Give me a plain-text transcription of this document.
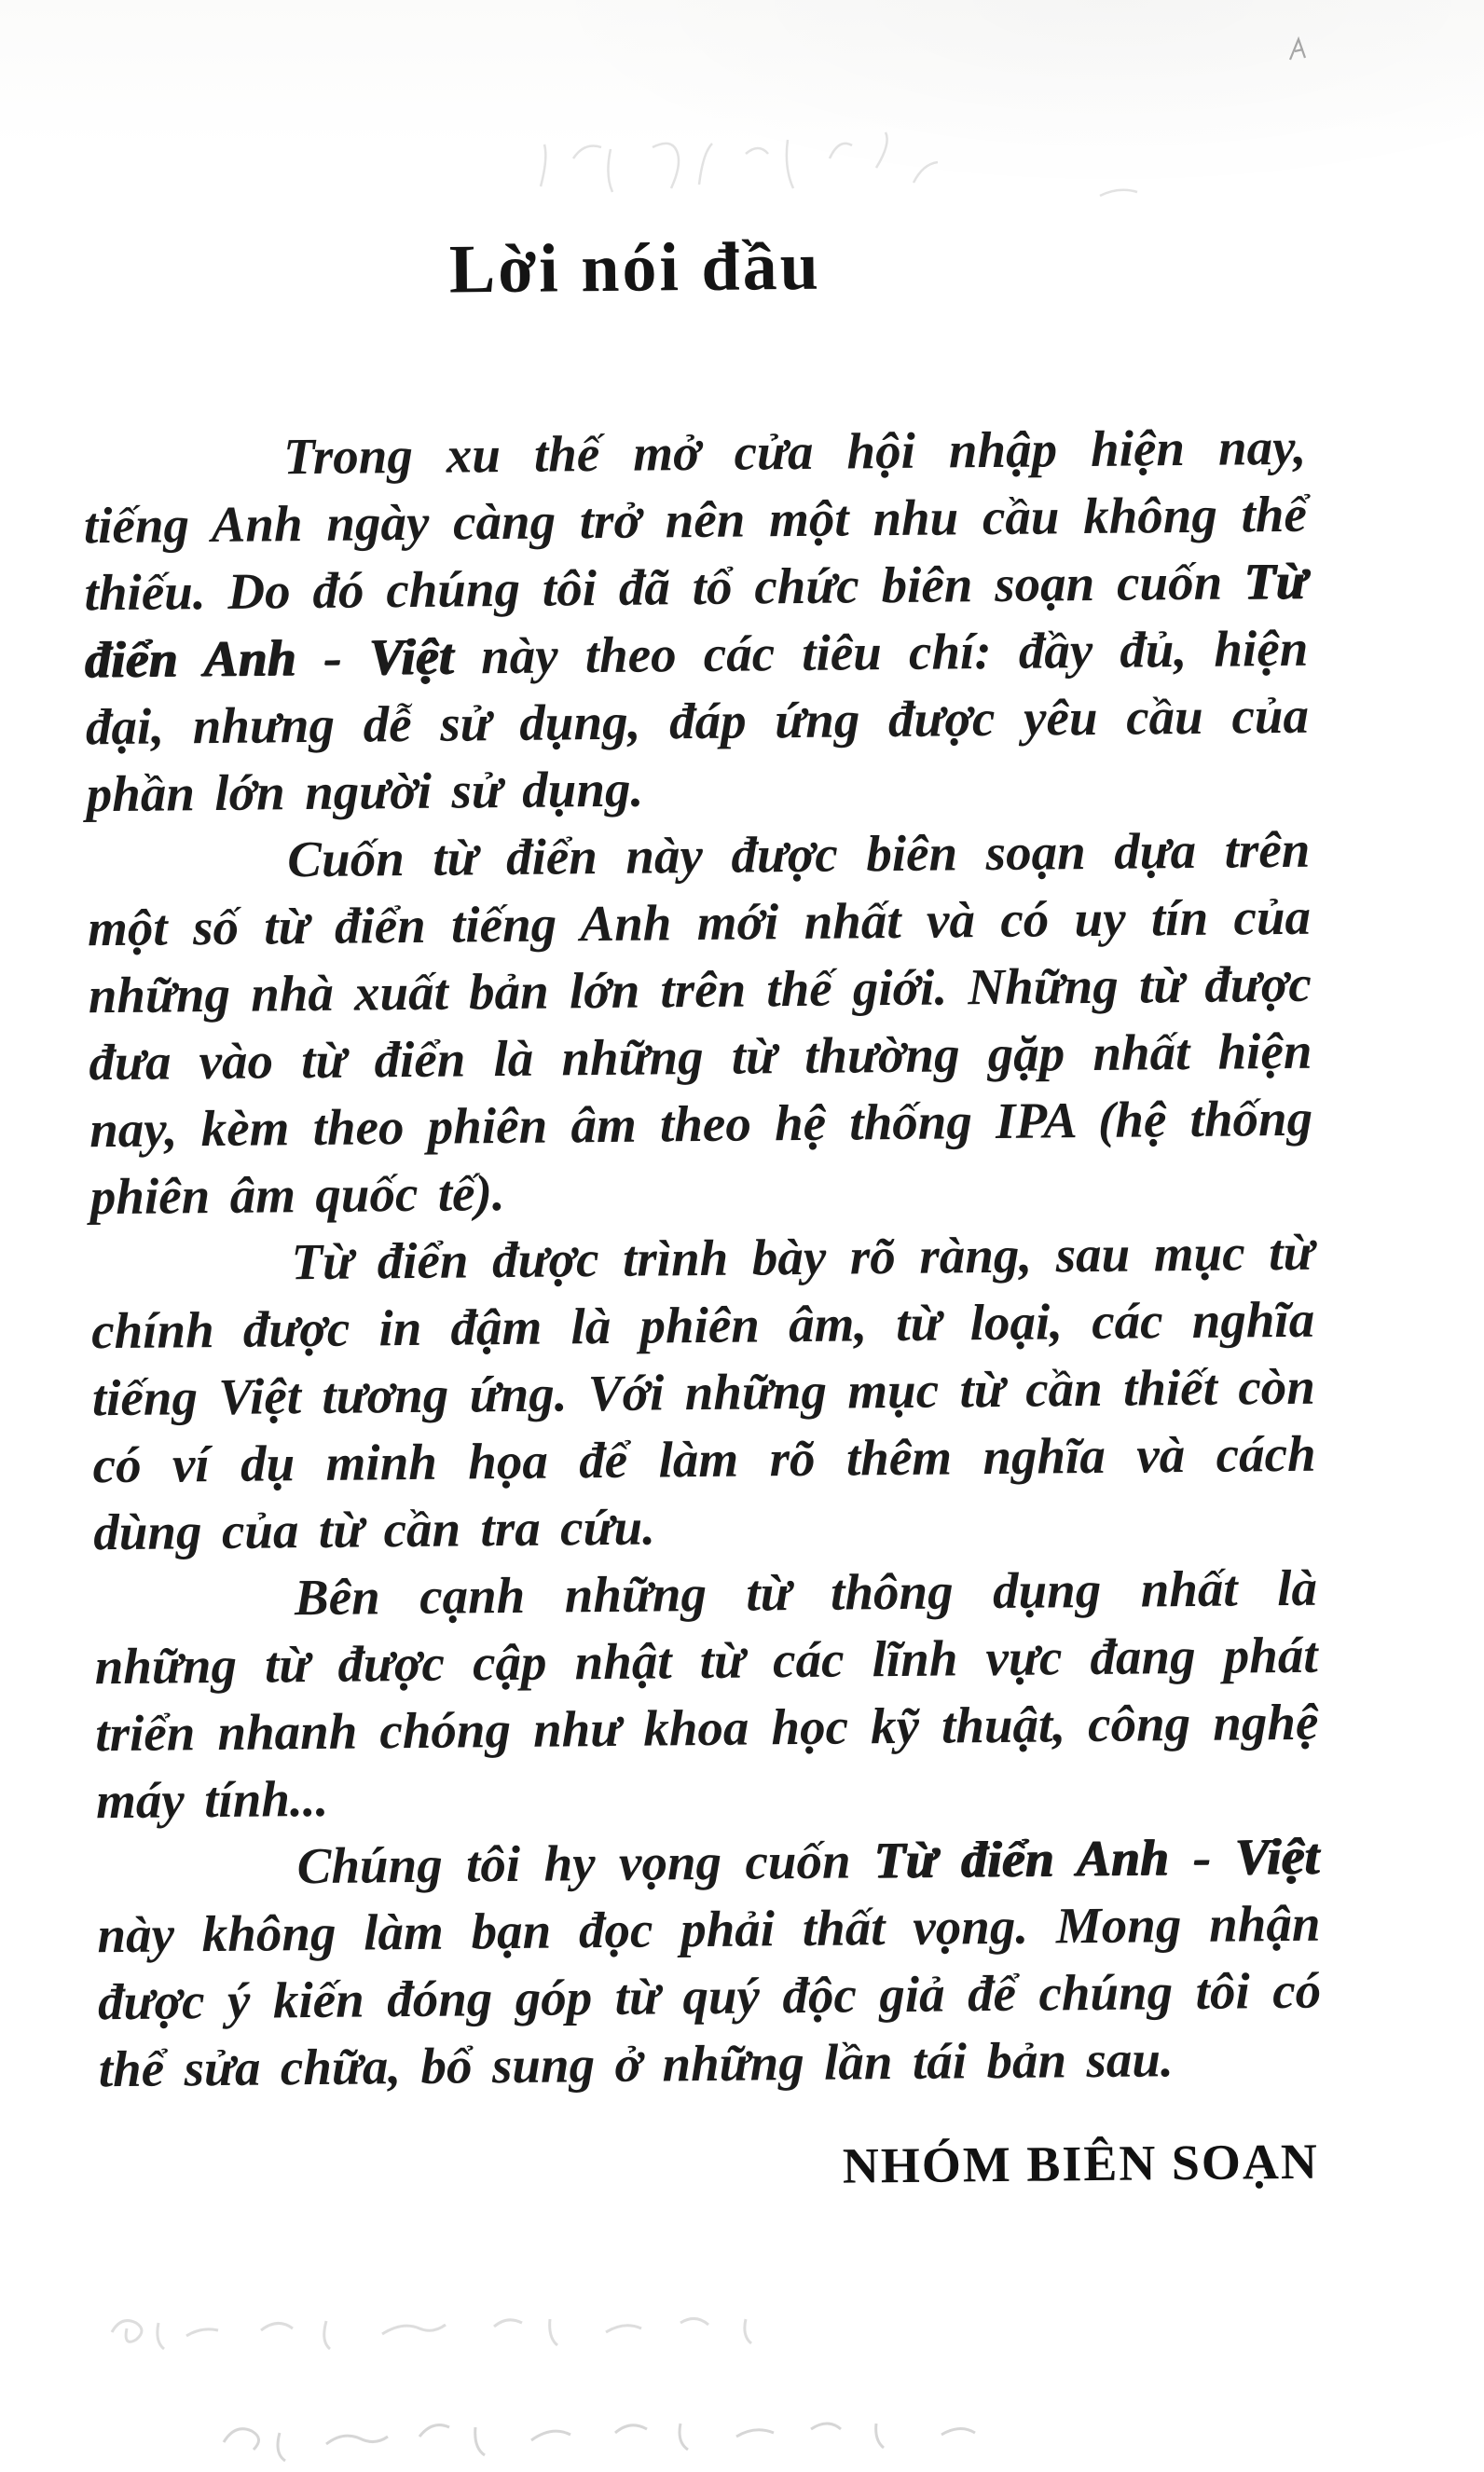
Lời nói đầu

Trong xu thế mở cửa hội nhập hiện nay, tiếng Anh ngày càng trở nên một nhu cầu không thể thiếu. Do đó chúng tôi đã tổ chức biên soạn cuốn Từ điển Anh - Việt này theo các tiêu chí: đầy đủ, hiện đại, nhưng dễ sử dụng, đáp ứng được yêu cầu của phần lớn người sử dụng.

Cuốn từ điển này được biên soạn dựa trên một số từ điển tiếng Anh mới nhất và có uy tín của những nhà xuất bản lớn trên thế giới. Những từ được đưa vào từ điển là những từ thường gặp nhất hiện nay, kèm theo phiên âm theo hệ thống IPA (hệ thống phiên âm quốc tế).

Từ điển được trình bày rõ ràng, sau mục từ chính được in đậm là phiên âm, từ loại, các nghĩa tiếng Việt tương ứng. Với những mục từ cần thiết còn có ví dụ minh họa để làm rõ thêm nghĩa và cách dùng của từ cần tra cứu.

Bên cạnh những từ thông dụng nhất là những từ được cập nhật từ các lĩnh vực đang phát triển nhanh chóng như khoa học kỹ thuật, công nghệ máy tính...

Chúng tôi hy vọng cuốn Từ điển Anh - Việt này không làm bạn đọc phải thất vọng. Mong nhận được ý kiến đóng góp từ quý độc giả để chúng tôi có thể sửa chữa, bổ sung ở những lần tái bản sau.

NHÓM BIÊN SOẠN
